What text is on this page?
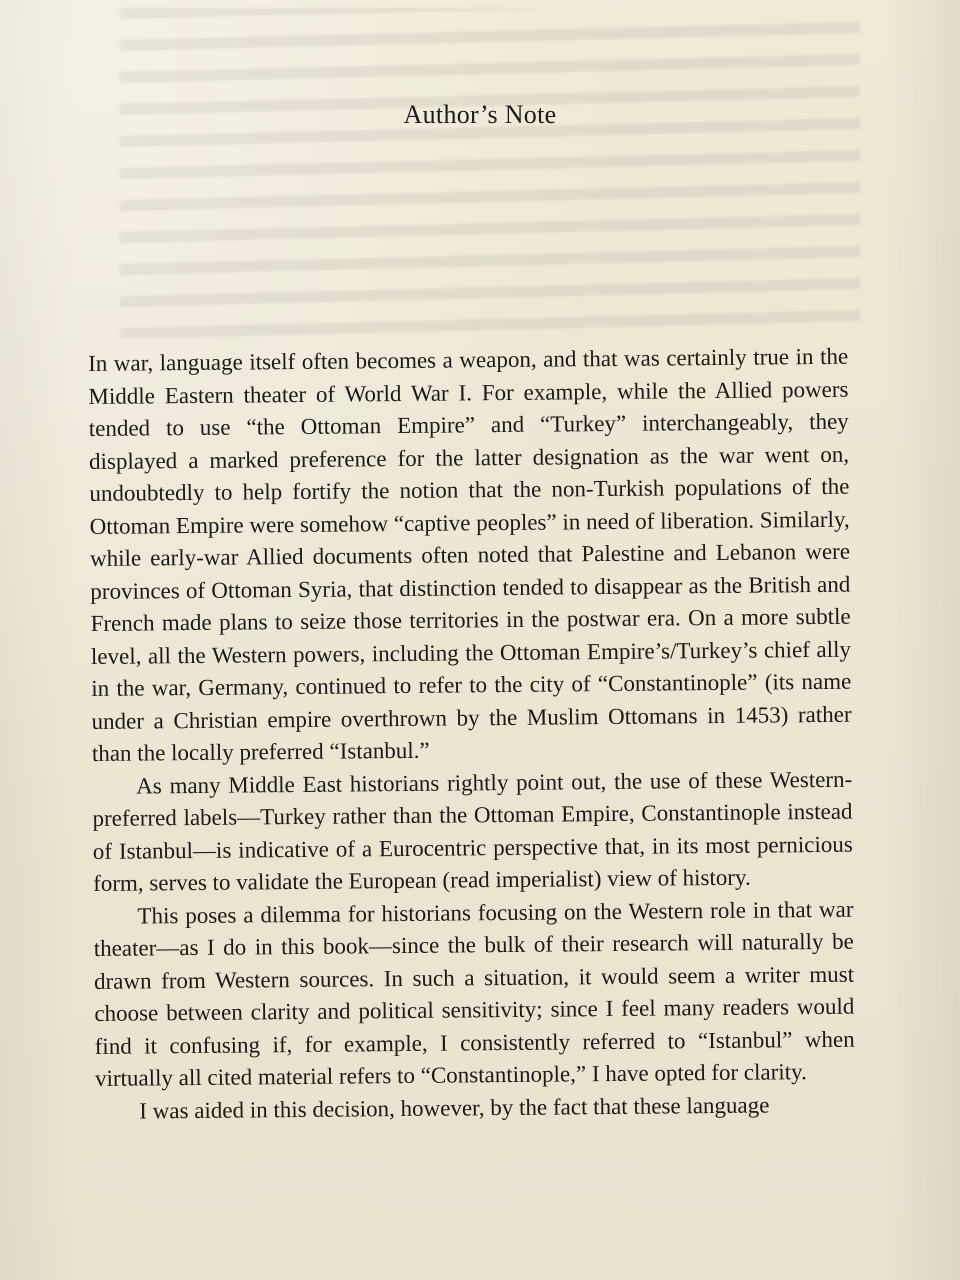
Author’s Note

In war, language itself often becomes a weapon, and that was certainly true in the Middle Eastern theater of World War I. For example, while the Allied powers tended to use “the Ottoman Empire” and “Turkey” interchangeably, they displayed a marked preference for the latter designation as the war went on, undoubtedly to help fortify the notion that the non-Turkish populations of the Ottoman Empire were somehow “captive peoples” in need of liberation. Similarly, while early-war Allied documents often noted that Palestine and Lebanon were provinces of Ottoman Syria, that distinction tended to disappear as the British and French made plans to seize those territories in the postwar era. On a more subtle level, all the Western powers, including the Ottoman Empire’s/Turkey’s chief ally in the war, Germany, continued to refer to the city of “Constantinople” (its name under a Christian empire overthrown by the Muslim Ottomans in 1453) rather than the locally preferred “Istanbul.”

As many Middle East historians rightly point out, the use of these Western-preferred labels—Turkey rather than the Ottoman Empire, Constantinople instead of Istanbul—is indicative of a Eurocentric perspective that, in its most pernicious form, serves to validate the European (read imperialist) view of history.

This poses a dilemma for historians focusing on the Western role in that war theater—as I do in this book—since the bulk of their research will naturally be drawn from Western sources. In such a situation, it would seem a writer must choose between clarity and political sensitivity; since I feel many readers would find it confusing if, for example, I consistently referred to “Istanbul” when virtually all cited material refers to “Constantinople,” I have opted for clarity.

I was aided in this decision, however, by the fact that these language
